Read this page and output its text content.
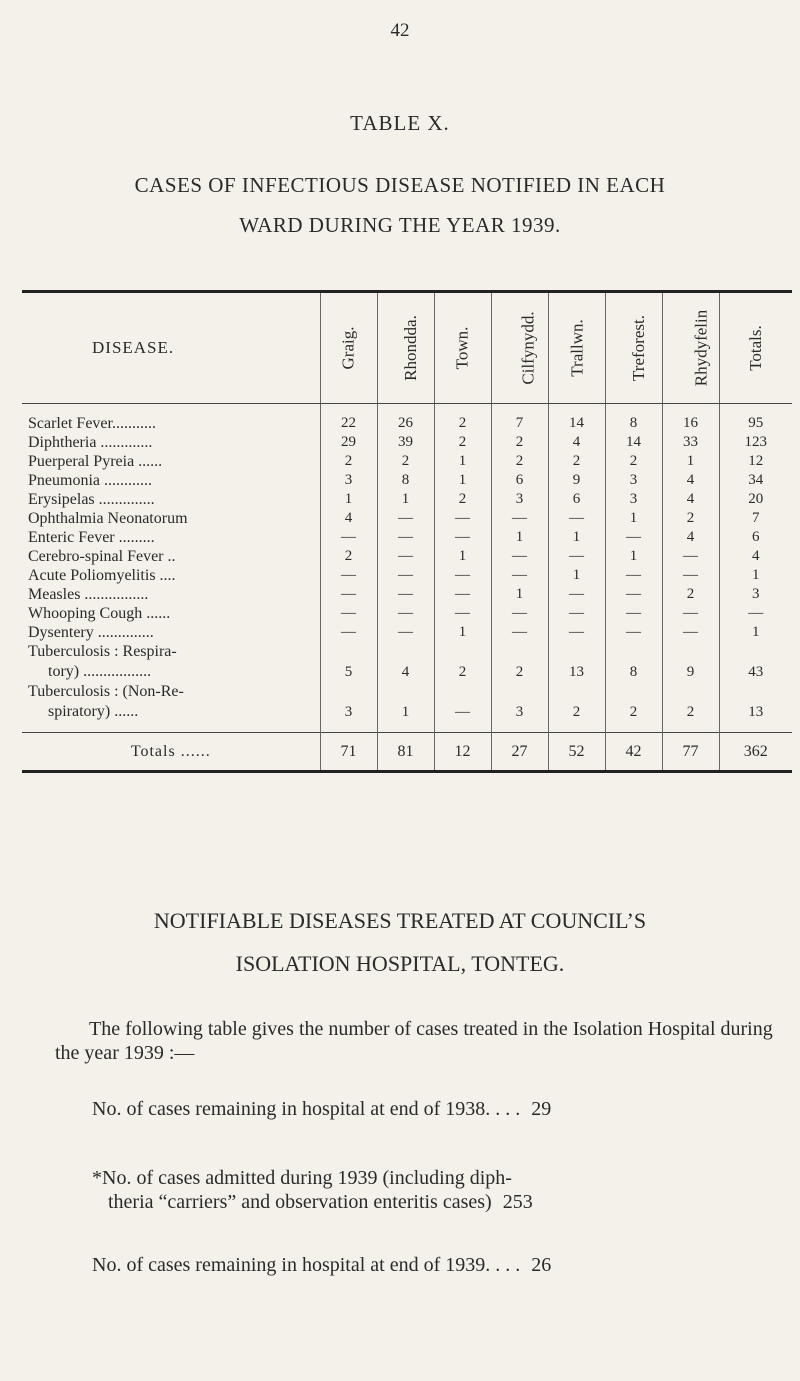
42
TABLE X.
CASES OF INFECTIOUS DISEASE NOTIFIED IN EACH
WARD DURING THE YEAR 1939.

DISEASE.	Graig.	Rhondda.	Town.	Cilfynydd.	Trallwn.	Treforest.	Rhydyfelin	Totals.
Scarlet Fever...........	22	26	2	7	14	8	16	95
Diphtheria .............	29	39	2	2	4	14	33	123
Puerperal Pyreia ......	2	2	1	2	2	2	1	12
Pneumonia ............	3	8	1	6	9	3	4	34
Erysipelas ..............	1	1	2	3	6	3	4	20
Ophthalmia Neonatorum	4	—	—	—	—	1	2	7
Enteric Fever .........	—	—	—	1	1	—	4	6
Cerebro-spinal Fever ..	2	—	1	—	—	1	—	4
Acute Poliomyelitis ....	—	—	—	—	1	—	—	1
Measles ................	—	—	—	1	—	—	2	3
Whooping Cough ......	—	—	—	—	—	—	—	—
Dysentery ..............	—	—	1	—	—	—	—	1

Tuberculosis : Respira-
tory) .................	5	4	2	2	13	8	9	43

Tuberculosis : (Non-Re-
spiratory) ......	3	1	—	3	2	2	2	13

Totals ......	71	81	12	27	52	42	77	362
NOTIFIABLE DISEASES TREATED AT COUNCIL’S
ISOLATION HOSPITAL, TONTEG.
The following table gives the number of cases treated in the Isolation Hospital during the year 1939 :—
No. of cases remaining in hospital at end of 1938. . . . 29
*No. of cases admitted during 1939 (including diph-
theria “carriers” and observation enteritis cases) 253
No. of cases remaining in hospital at end of 1939. . . . 26
